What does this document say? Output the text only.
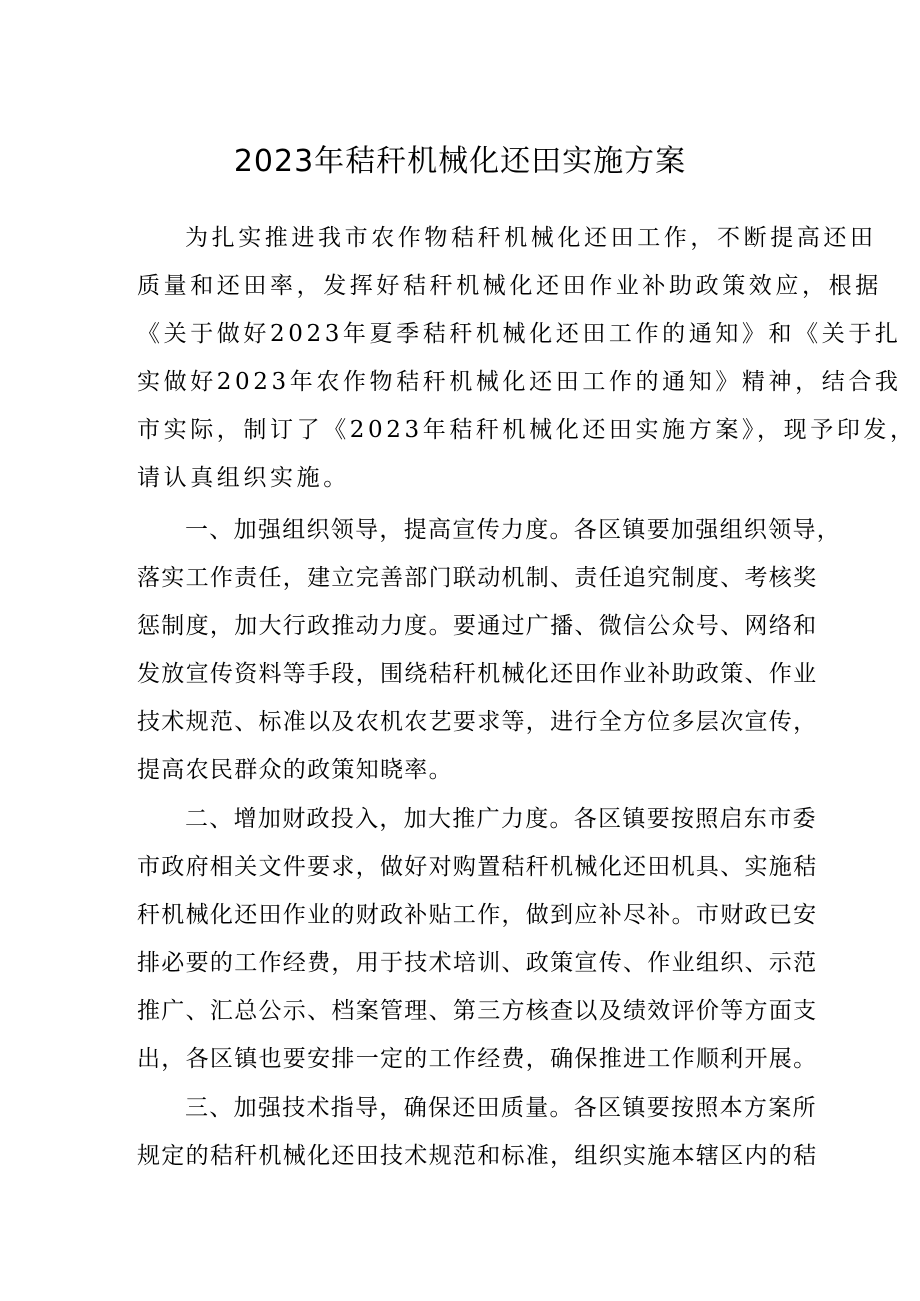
2023年秸秆机械化还田实施方案
为扎实推进我市农作物秸秆机械化还田工作，不断提高还田
质量和还田率，发挥好秸秆机械化还田作业补助政策效应，根据
《关于做好2023年夏季秸秆机械化还田工作的通知》和《关于扎
实做好2023年农作物秸秆机械化还田工作的通知》精神，结合我
市实际，制订了《2023年秸秆机械化还田实施方案》，现予印发，
请认真组织实施。
一、加强组织领导，提高宣传力度。各区镇要加强组织领导，
落实工作责任，建立完善部门联动机制、责任追究制度、考核奖
惩制度，加大行政推动力度。要通过广播、微信公众号、网络和
发放宣传资料等手段，围绕秸秆机械化还田作业补助政策、作业
技术规范、标准以及农机农艺要求等，进行全方位多层次宣传，
提高农民群众的政策知晓率。
二、增加财政投入，加大推广力度。各区镇要按照启东市委
市政府相关文件要求，做好对购置秸秆机械化还田机具、实施秸
秆机械化还田作业的财政补贴工作，做到应补尽补。市财政已安
排必要的工作经费，用于技术培训、政策宣传、作业组织、示范
推广、汇总公示、档案管理、第三方核查以及绩效评价等方面支
出，各区镇也要安排一定的工作经费，确保推进工作顺利开展。
三、加强技术指导，确保还田质量。各区镇要按照本方案所
规定的秸秆机械化还田技术规范和标准，组织实施本辖区内的秸
